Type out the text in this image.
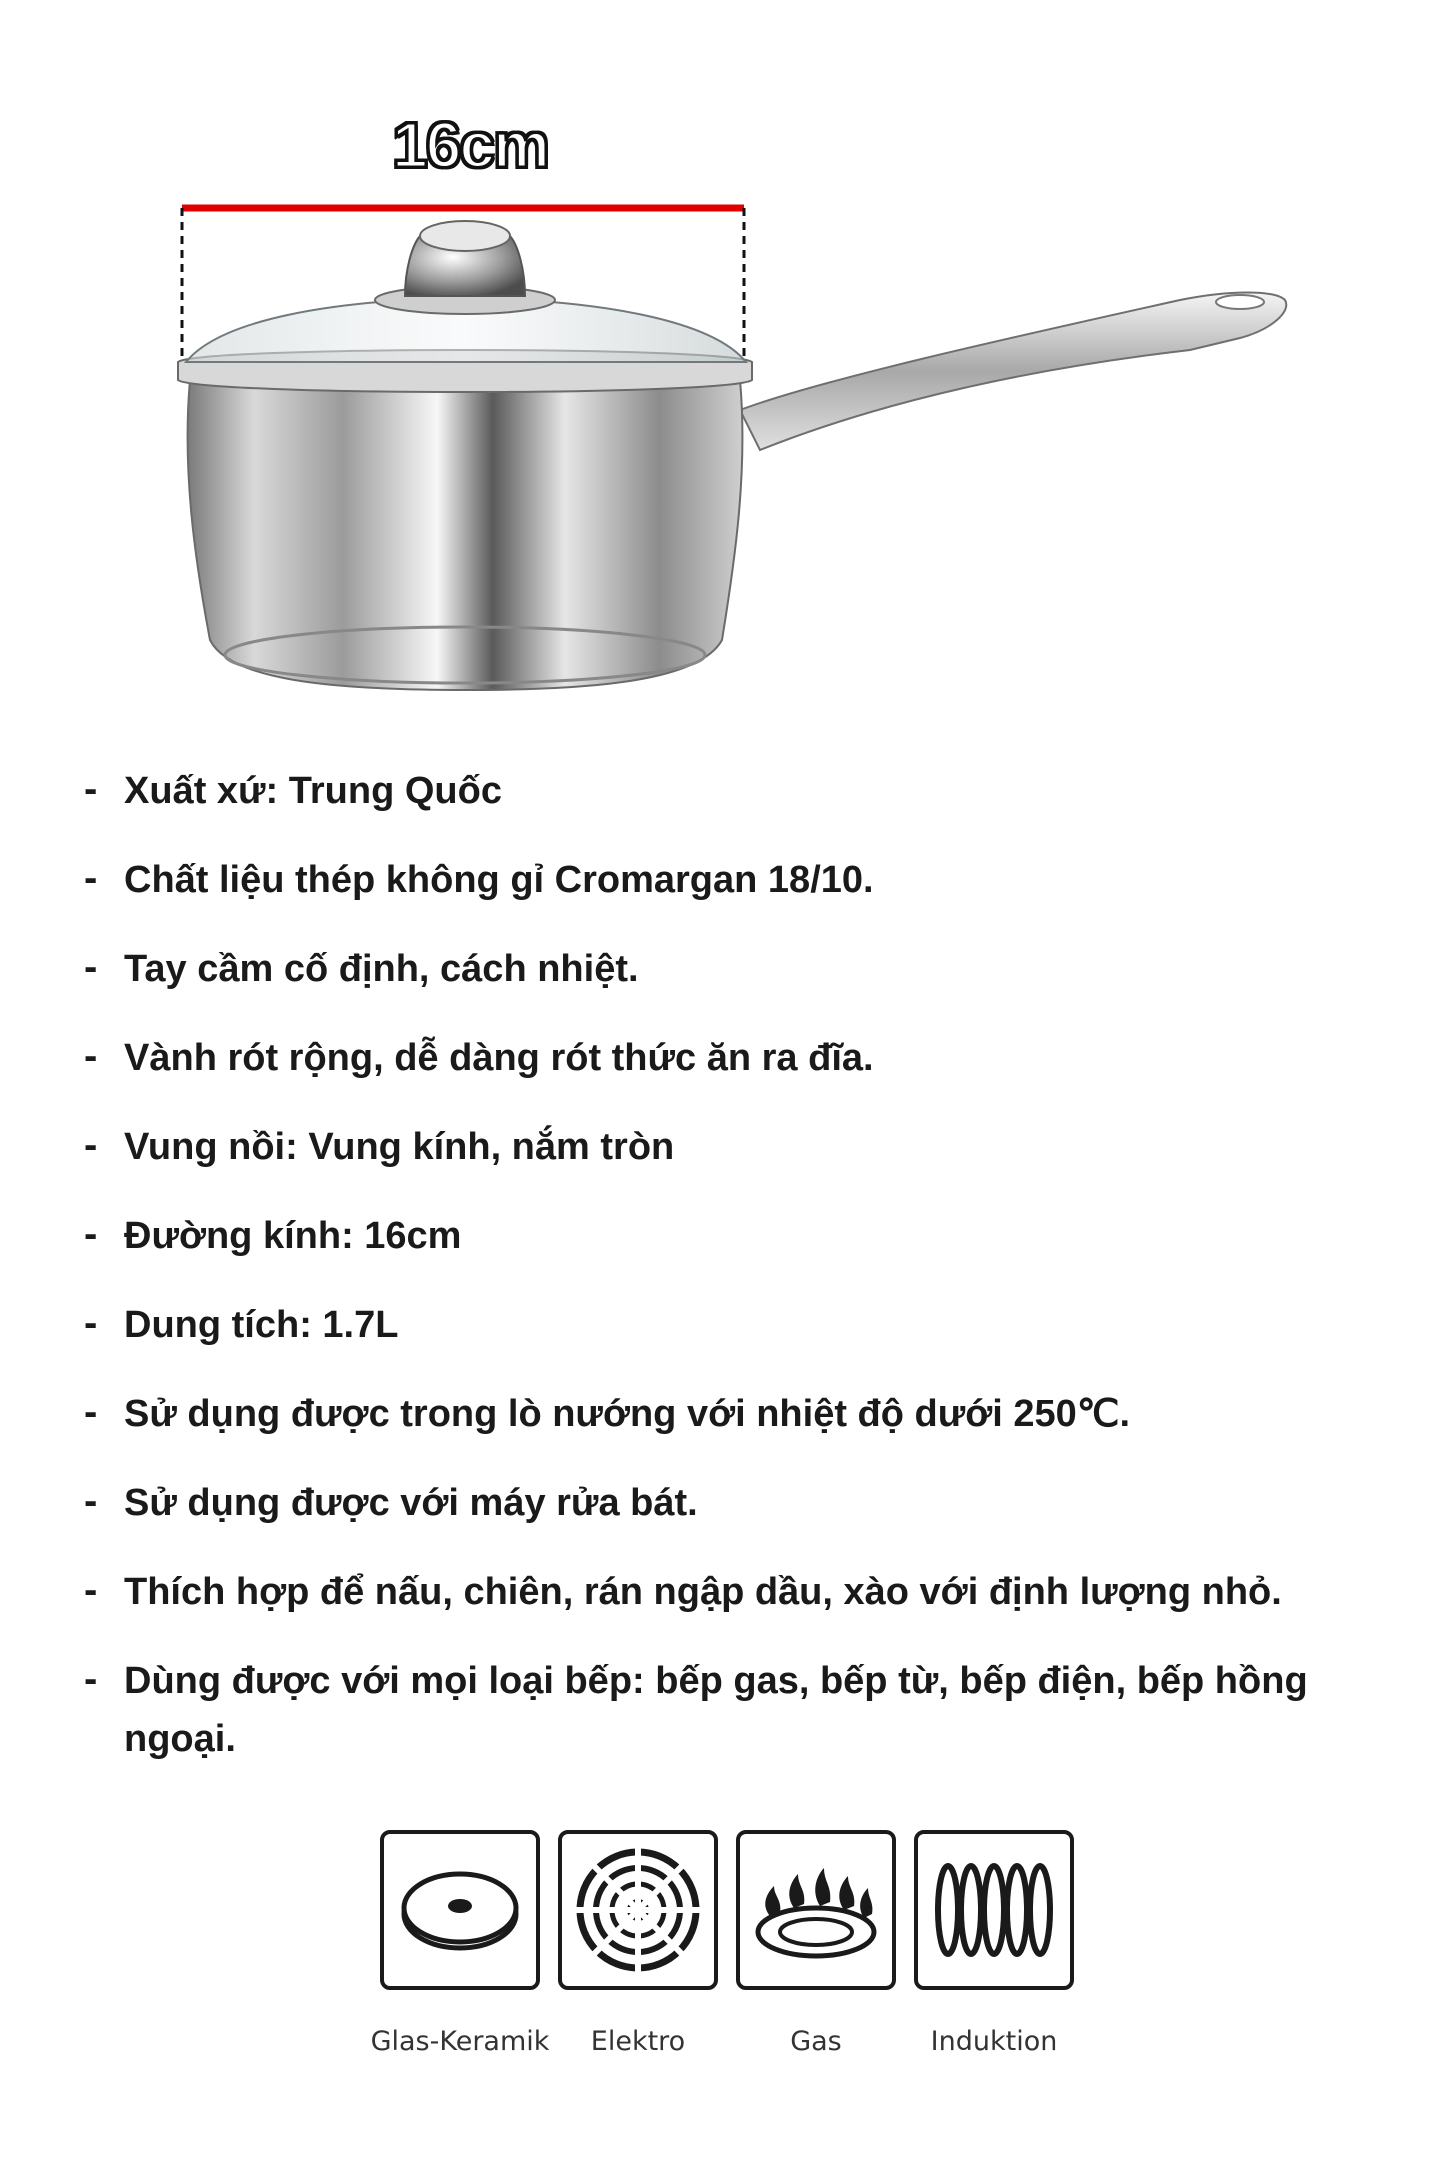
16cm
- Xuất xứ: Trung Quốc
- Chất liệu thép không gỉ Cromargan 18/10.
- Tay cầm cố định, cách nhiệt.
- Vành rót rộng, dễ dàng rót thức ăn ra đĩa.
- Vung nồi: Vung kính, nắm tròn
- Đường kính: 16cm
- Dung tích: 1.7L
- Sử dụng được trong lò nướng với nhiệt độ dưới 250℃.
- Sử dụng được với máy rửa bát.
- Thích hợp để nấu, chiên, rán ngập dầu, xào với định lượng nhỏ.
- Dùng được với mọi loại bếp: bếp gas, bếp từ, bếp điện, bếp hồng ngoại.
Glas-Keramik	Elektro	Gas	Induktion
